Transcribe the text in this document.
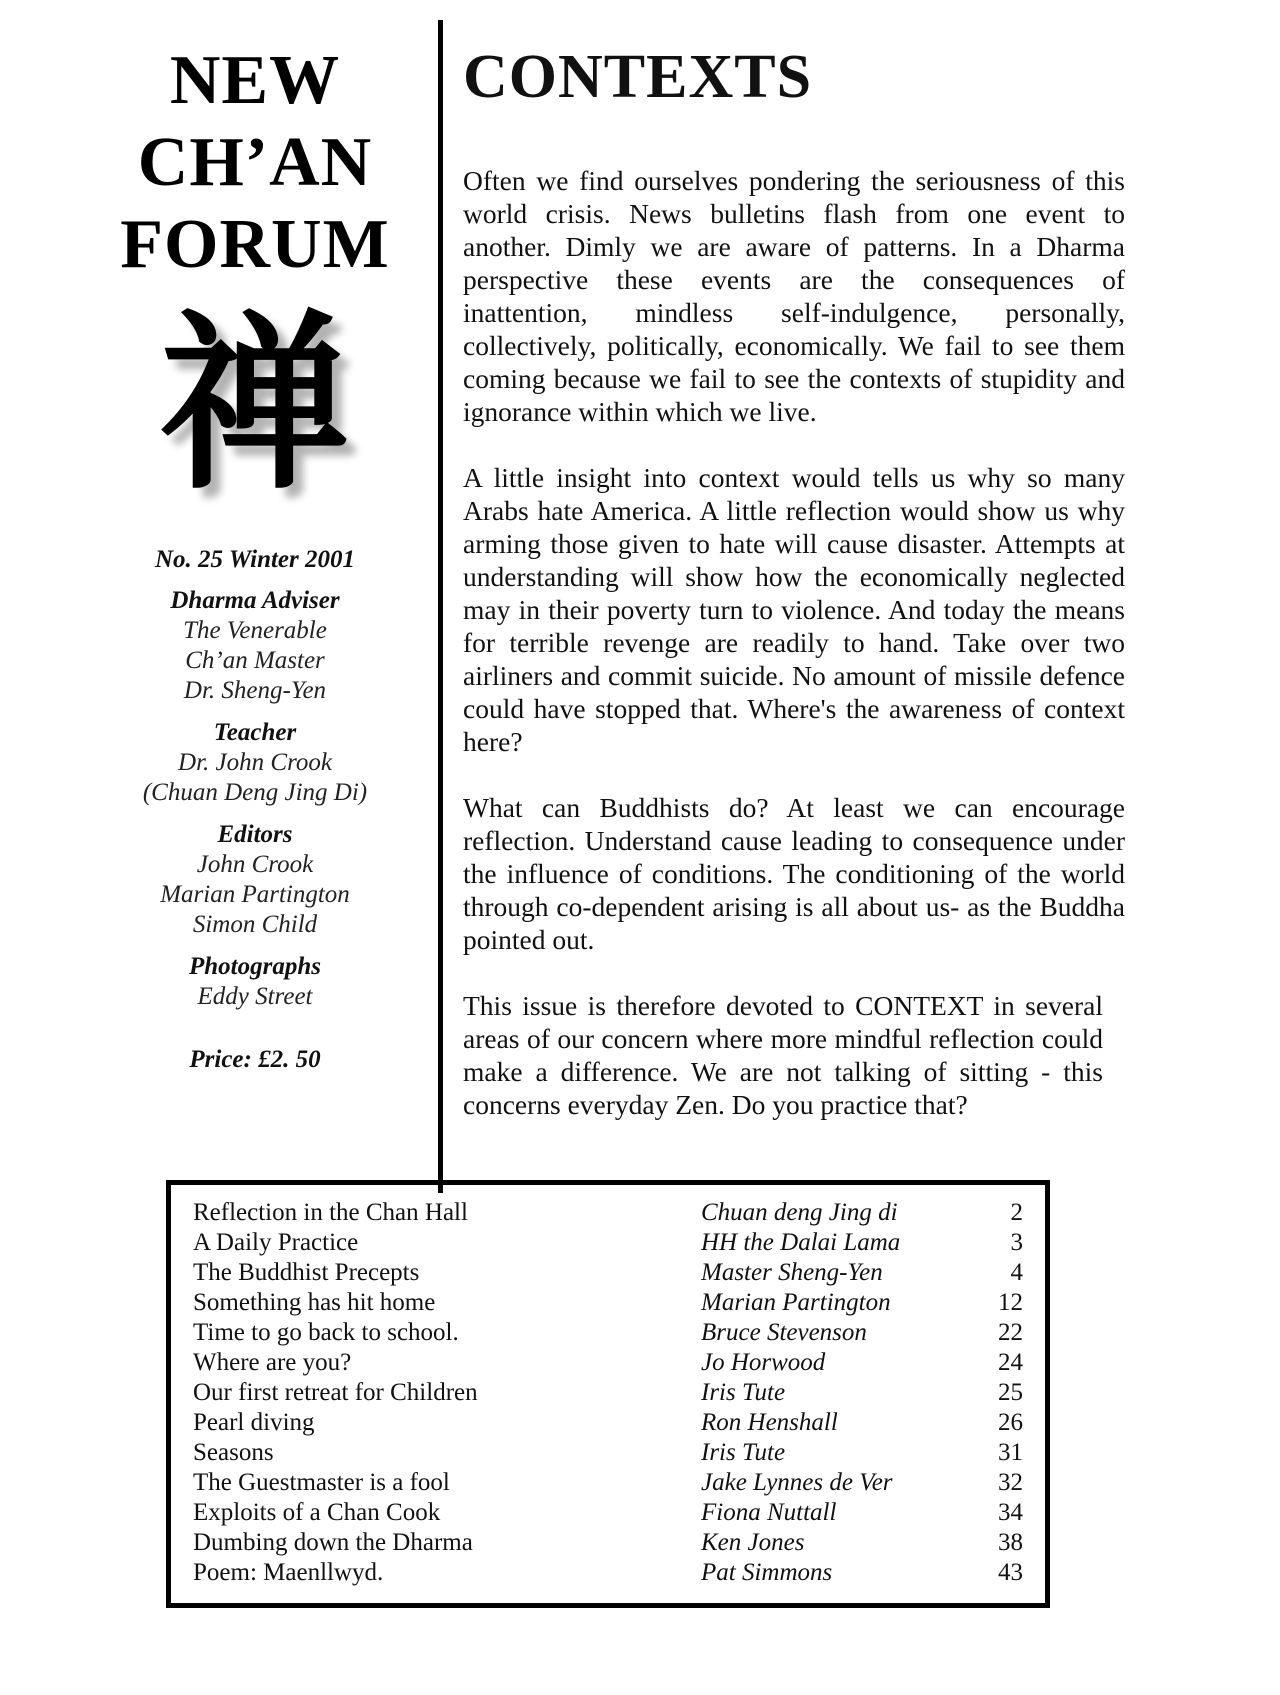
NEW
CH’AN
FORUM
禅
No. 25 Winter 2001
Dharma Adviser
The Venerable
Ch’an Master
Dr. Sheng-Yen
Teacher
Dr. John Crook
(Chuan Deng Jing Di)
Editors
John Crook
Marian Partington
Simon Child
Photographs
Eddy Street
Price: £2. 50
CONTEXTS

Often we find ourselves pondering the seriousness of this world crisis. News bulletins flash from one event to another. Dimly we are aware of patterns. In a Dharma perspective these events are the consequences of inattention, mindless self-indulgence, personally, collectively, politically, economically. We fail to see them coming because we fail to see the contexts of stupidity and ignorance within which we live.

A little insight into context would tells us why so many Arabs hate America. A little reflection would show us why arming those given to hate will cause disaster. Attempts at understanding will show how the economically neglected may in their poverty turn to violence. And today the means for terrible revenge are readily to hand. Take over two airliners and commit suicide. No amount of missile defence could have stopped that. Where's the awareness of context here?

What can Buddhists do? At least we can encourage reflection. Understand cause leading to consequence under the influence of conditions. The conditioning of the world through co-dependent arising is all about us- as the Buddha pointed out.

This issue is therefore devoted to CONTEXT in several areas of our concern where more mindful reflection could make a difference. We are not talking of sitting - this concerns everyday Zen. Do you practice that?

Reflection in the Chan Hall	Chuan deng Jing di	2
A Daily Practice	HH the Dalai Lama	3
The Buddhist Precepts	Master Sheng-Yen	4
Something has hit home	Marian Partington	12
Time to go back to school.	Bruce Stevenson	22
Where are you?	Jo Horwood	24
Our first retreat for Children	Iris Tute	25
Pearl diving	Ron Henshall	26
Seasons	Iris Tute	31
The Guestmaster is a fool	Jake Lynnes de Ver	32
Exploits of a Chan Cook	Fiona Nuttall	34
Dumbing down the Dharma	Ken Jones	38
Poem: Maenllwyd.	Pat Simmons	43
